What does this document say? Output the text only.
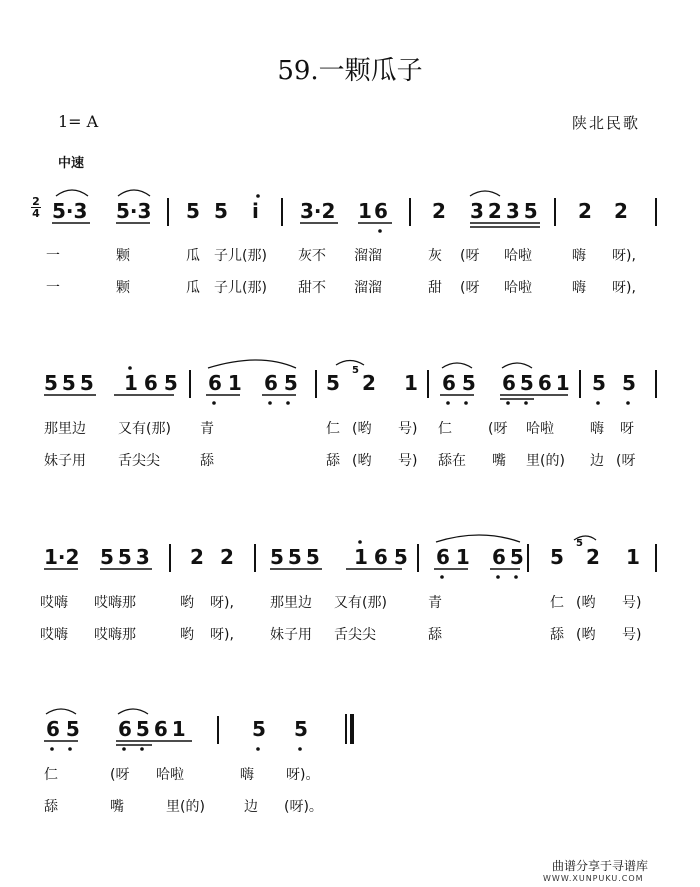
59.一颗瓜子
1= A	陕北民歌
中速
2
4 5·3 5·3 5 5 i 3·2 1 6 2 3235 2 2
一	颗	瓜 子儿(那) 灰不 溜溜	灰 (呀 哈啦	嗨 呀),
一	颗	瓜 子儿(那) 甜不 溜溜	甜 (呀 哈啦	嗨 呀),
555 165 61 65 5
5
2 1 65 6561 5 5
那里边 又有(那) 青	仁 (哟 号) 仁	(呀 哈啦	嗨 呀
妹子用 舌尖尖	舔	舔 (哟 号) 舔在 嘴 里(的) 边 (呀
1·2 553 2 2 555 165 61 65 5
5
2 1
哎嗨 哎嗨那	哟 呀),	那里边 又有(那)	青	仁 (哟 号)
哎嗨 哎嗨那	哟 呀),	妹子用 舌尖尖	舔	舔 (哟 号)
65 6561	5 5
仁	(呀 哈啦	嗨 呀)。
舔	嘴	里(的)	边 (呀)。
曲谱分享于寻谱库
WWW.XUNPUKU.COM
